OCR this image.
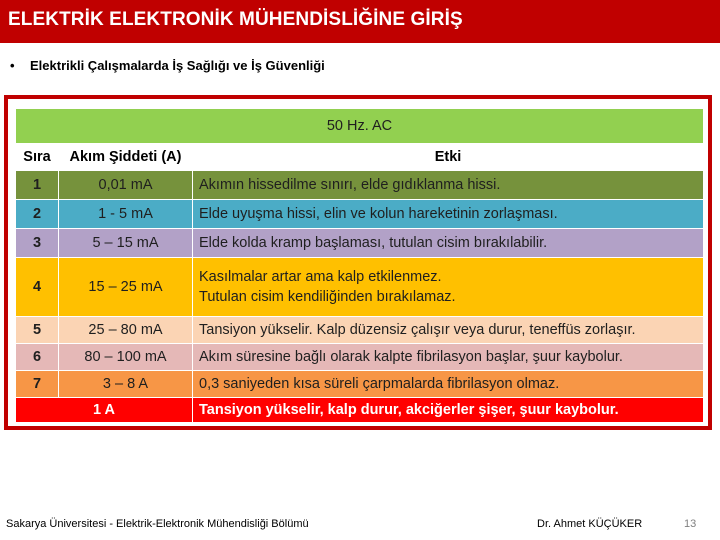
ELEKTRİK ELEKTRONİK MÜHENDİSLİĞİNE GİRİŞ
• Elektrikli Çalışmalarda İş Sağlığı ve İş Güvenliği
50 Hz. AC		
Sıra	Akım Şiddeti (A)	Etki
1	0,01 mA	Akımın hissedilme sınırı, elde gıdıklanma hissi.
2	1 - 5 mA	Elde uyuşma hissi, elin ve kolun hareketinin zorlaşması.
3	5 – 15 mA	Elde kolda kramp başlaması, tutulan cisim bırakılabilir.
4	15 – 25 mA	Kasılmalar artar ama kalp etkilenmez.
Tutulan cisim kendiliğinden bırakılamaz.

5	25 – 80 mA	Tansiyon yükselir. Kalp düzensiz çalışır veya durur, teneffüs zorlaşır.
6	80 – 100 mA	Akım süresine bağlı olarak kalpte fibrilasyon başlar, şuur kaybolur.
7	3 – 8 A	0,3 saniyeden kısa süreli çarpmalarda fibrilasyon olmaz.
1 A		Tansiyon yükselir, kalp durur, akciğerler şişer, şuur kaybolur.
Sakarya Üniversitesi - Elektrik-Elektronik Mühendisliği Bölümü	Dr. Ahmet KÜÇÜKER	13
